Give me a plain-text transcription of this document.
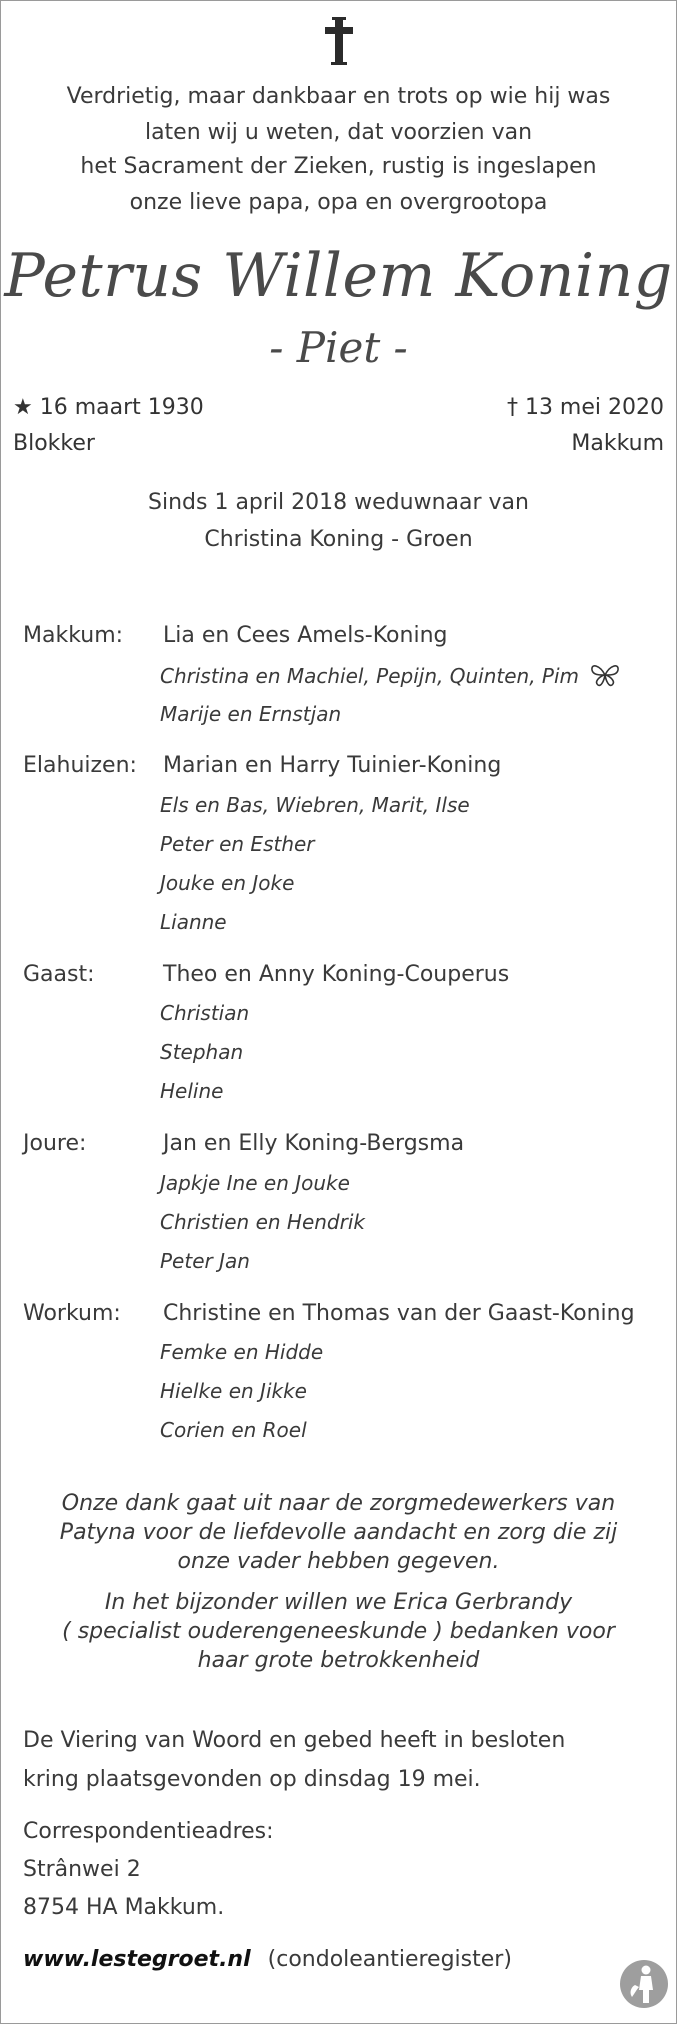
Verdrietig, maar dankbaar en trots op wie hij was
laten wij u weten, dat voorzien van
het Sacrament der Zieken, rustig is ingeslapen
onze lieve papa, opa en overgrootopa
Petrus Willem Koning
- Piet -
★ 16 maart 1930
Blokker
† 13 mei 2020
Makkum
Sinds 1 april 2018 weduwnaar van
Christina Koning - Groen
Makkum: Lia en Cees Amels-Koning
Christina en Machiel, Pepijn, Quinten, Pim
Marije en Ernstjan
Elahuizen: Marian en Harry Tuinier-Koning
Els en Bas, Wiebren, Marit, Ilse
Peter en Esther
Jouke en Joke
Lianne
Gaast:	Theo en Anny Koning-Couperus
Christian
Stephan
Heline
Joure:	Jan en Elly Koning-Bergsma
Japkje Ine en Jouke
Christien en Hendrik
Peter Jan
Workum: Christine en Thomas van der Gaast-Koning
Femke en Hidde
Hielke en Jikke
Corien en Roel
Onze dank gaat uit naar de zorgmedewerkers van
Patyna voor de liefdevolle aandacht en zorg die zij
onze vader hebben gegeven.
In het bijzonder willen we Erica Gerbrandy
( specialist ouderengeneeskunde ) bedanken voor
haar grote betrokkenheid
De Viering van Woord en gebed heeft in besloten
kring plaatsgevonden op dinsdag 19 mei.
Correspondentieadres:
Strânwei 2
8754 HA Makkum.
www.lestegroet.nl (condoleantieregister)
